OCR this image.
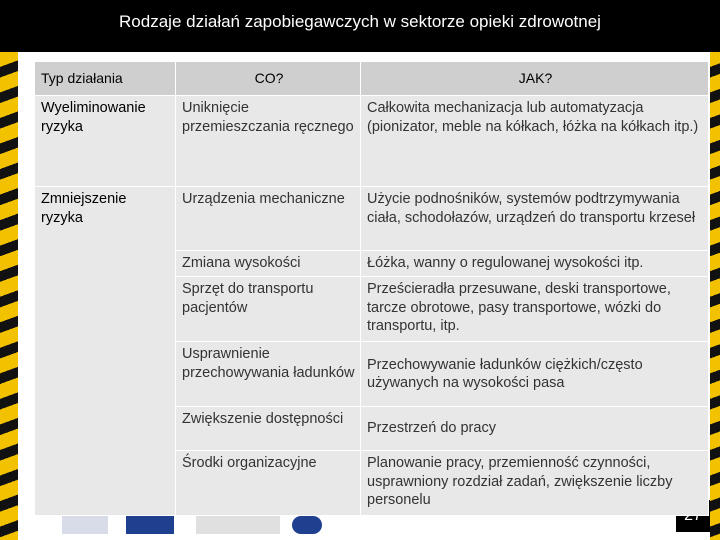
Rodzaje działań zapobiegawczych w sektorze opieki zdrowotnej
Typ działania	CO?	JAK?
Wyeliminowanie ryzyka	Uniknięcie przemieszczania ręcznego	Całkowita mechanizacja lub automatyzacja (pionizator, meble na kółkach, łóżka na kółkach itp.)
Zmniejszenie ryzyka	Urządzenia mechaniczne	Użycie podnośników, systemów podtrzymywania ciała, schodołazów, urządzeń do transportu krzeseł
	Zmiana wysokości	Łóżka, wanny o regulowanej wysokości itp.
	Sprzęt do transportu pacjentów	Prześcieradła przesuwane, deski transportowe, tarcze obrotowe, pasy transportowe, wózki do transportu, itp.
	Usprawnienie przechowywania ładunków	Przechowywanie ładunków ciężkich/często używanych na wysokości pasa
	Zwiększenie dostępności	Przestrzeń do pracy
	Środki organizacyjne	Planowanie pracy, przemienność czynności, usprawniony rozdział zadań, zwiększenie liczby personelu
